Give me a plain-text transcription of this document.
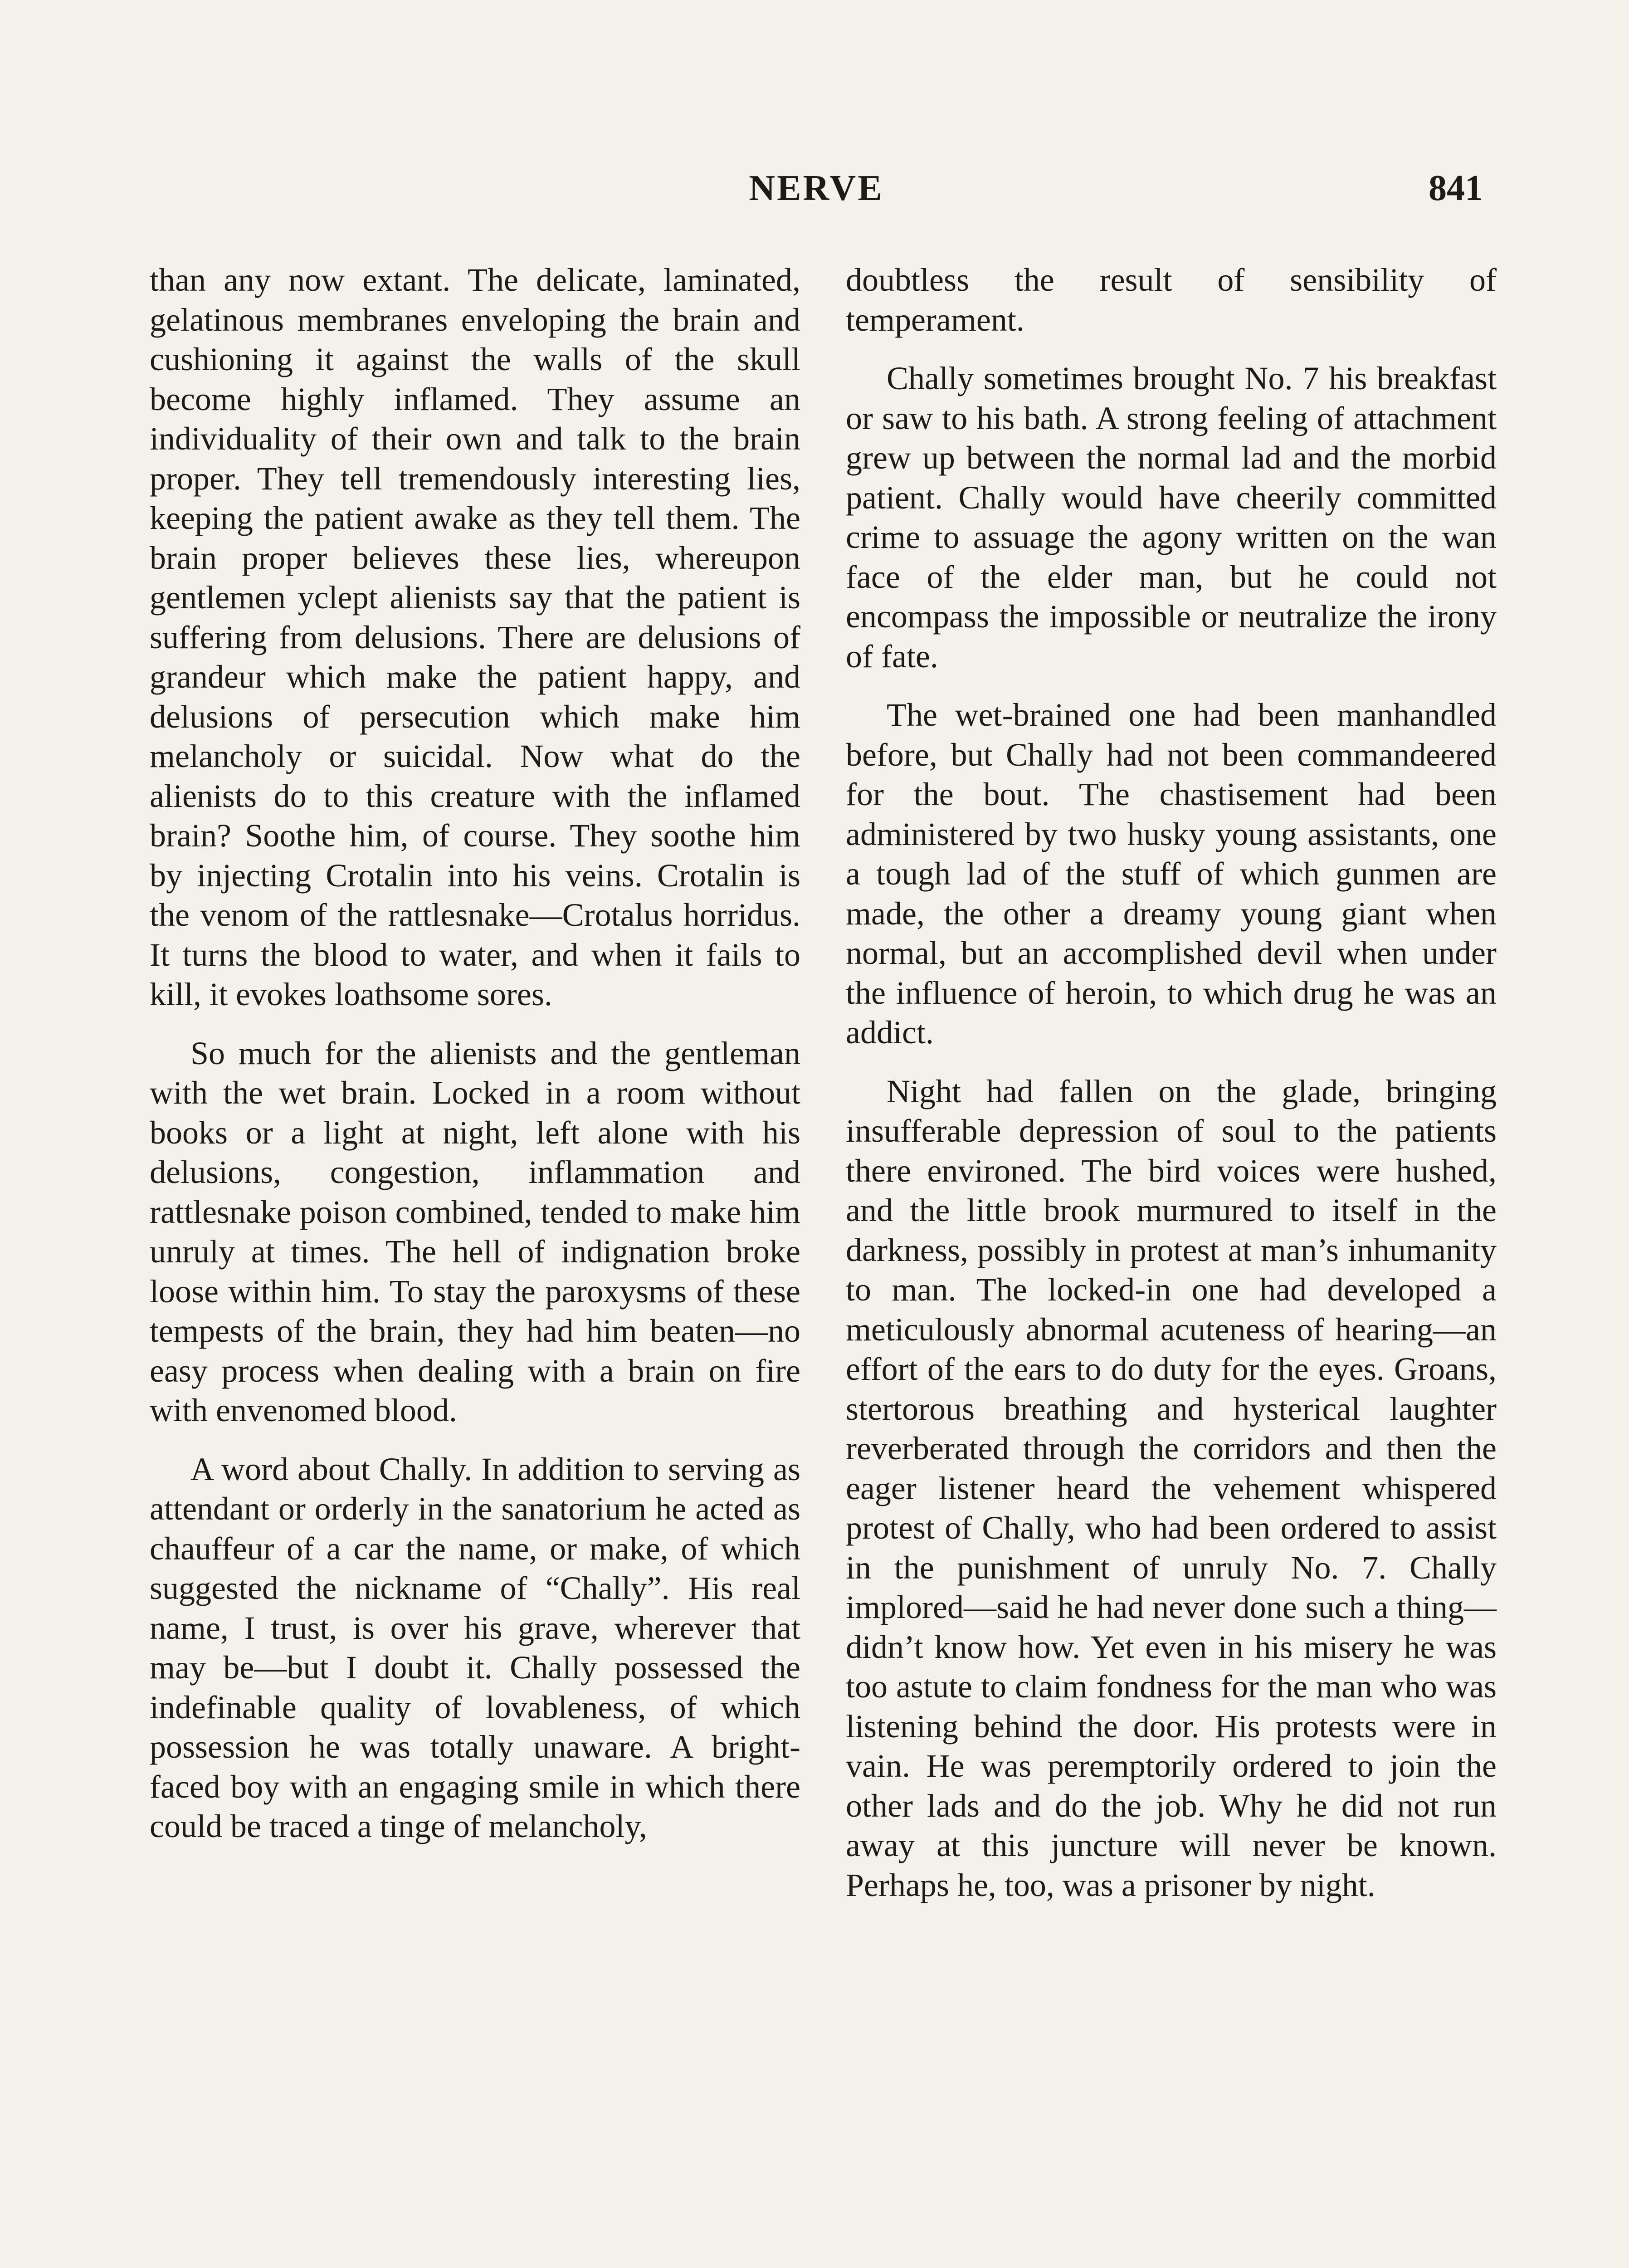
NERVE	841

than any now extant. The delicate, laminated, gelatinous membranes enveloping the brain and cushioning it against the walls of the skull become highly inflamed. They assume an individuality of their own and talk to the brain proper. They tell tremendously interesting lies, keeping the patient awake as they tell them. The brain proper believes these lies, whereupon gentlemen yclept alienists say that the patient is suffering from delusions. There are delusions of grandeur which make the patient happy, and delusions of persecution which make him melancholy or suicidal. Now what do the alienists do to this creature with the inflamed brain? Soothe him, of course. They soothe him by injecting Crotalin into his veins. Crotalin is the venom of the rattlesnake—Crotalus horridus. It turns the blood to water, and when it fails to kill, it evokes loathsome sores.

So much for the alienists and the gentleman with the wet brain. Locked in a room without books or a light at night, left alone with his delusions, congestion, inflammation and rattlesnake poison combined, tended to make him unruly at times. The hell of indignation broke loose within him. To stay the paroxysms of these tempests of the brain, they had him beaten—no easy process when dealing with a brain on fire with envenomed blood.

A word about Chally. In addition to serving as attendant or orderly in the sanatorium he acted as chauffeur of a car the name, or make, of which suggested the nickname of “Chally”. His real name, I trust, is over his grave, wherever that may be—but I doubt it. Chally possessed the indefinable quality of lovableness, of which possession he was totally unaware. A bright-faced boy with an engaging smile in which there could be traced a tinge of melancholy,

doubtless the result of sensibility of temperament.

Chally sometimes brought No. 7 his breakfast or saw to his bath. A strong feeling of attachment grew up between the normal lad and the morbid patient. Chally would have cheerily committed crime to assuage the agony written on the wan face of the elder man, but he could not encompass the impossible or neutralize the irony of fate.

The wet-brained one had been manhandled before, but Chally had not been commandeered for the bout. The chastisement had been administered by two husky young assistants, one a tough lad of the stuff of which gunmen are made, the other a dreamy young giant when normal, but an accomplished devil when under the influence of heroin, to which drug he was an addict.

Night had fallen on the glade, bringing insufferable depression of soul to the patients there environed. The bird voices were hushed, and the little brook murmured to itself in the darkness, possibly in protest at man’s inhumanity to man. The locked-in one had developed a meticulously abnormal acuteness of hearing—an effort of the ears to do duty for the eyes. Groans, stertorous breathing and hysterical laughter reverberated through the corridors and then the eager listener heard the vehement whispered protest of Chally, who had been ordered to assist in the punishment of unruly No. 7. Chally implored—said he had never done such a thing—didn’t know how. Yet even in his misery he was too astute to claim fondness for the man who was listening behind the door. His protests were in vain. He was peremptorily ordered to join the other lads and do the job. Why he did not run away at this juncture will never be known. Perhaps he, too, was a prisoner by night.
